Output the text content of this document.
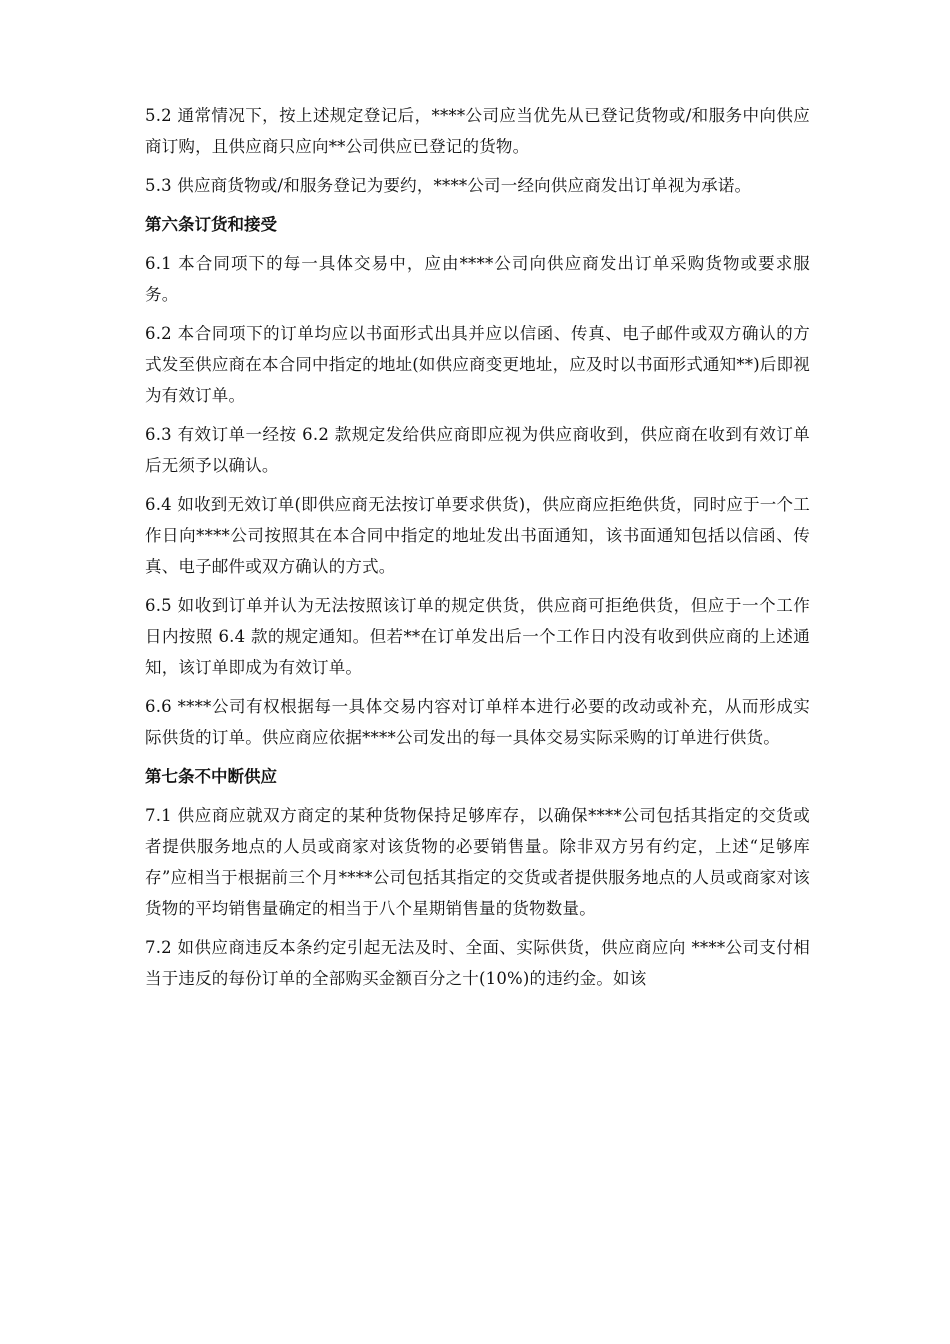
5.2 通常情况下，按上述规定登记后，****公司应当优先从已登记货物或/和服务中向供应商订购，且供应商只应向**公司供应已登记的货物。

5.3 供应商货物或/和服务登记为要约，****公司一经向供应商发出订单视为承诺。

第六条订货和接受

6.1 本合同项下的每一具体交易中，应由****公司向供应商发出订单采购货物或要求服务。

6.2 本合同项下的订单均应以书面形式出具并应以信函、传真、电子邮件或双方确认的方式发至供应商在本合同中指定的地址(如供应商变更地址，应及时以书面形式通知**)后即视为有效订单。

6.3 有效订单一经按 6.2 款规定发给供应商即应视为供应商收到，供应商在收到有效订单后无须予以确认。

6.4 如收到无效订单(即供应商无法按订单要求供货)，供应商应拒绝供货，同时应于一个工作日向****公司按照其在本合同中指定的地址发出书面通知，该书面通知包括以信函、传真、电子邮件或双方确认的方式。

6.5 如收到订单并认为无法按照该订单的规定供货，供应商可拒绝供货，但应于一个工作日内按照 6.4 款的规定通知。但若**在订单发出后一个工作日内没有收到供应商的上述通知，该订单即成为有效订单。

6.6 ****公司有权根据每一具体交易内容对订单样本进行必要的改动或补充，从而形成实际供货的订单。供应商应依据****公司发出的每一具体交易实际采购的订单进行供货。

第七条不中断供应

7.1 供应商应就双方商定的某种货物保持足够库存，以确保****公司包括其指定的交货或者提供服务地点的人员或商家对该货物的必要销售量。除非双方另有约定，上述“足够库存”应相当于根据前三个月****公司包括其指定的交货或者提供服务地点的人员或商家对该货物的平均销售量确定的相当于八个星期销售量的货物数量。

7.2 如供应商违反本条约定引起无法及时、全面、实际供货，供应商应向 ****公司支付相当于违反的每份订单的全部购买金额百分之十(10%)的违约金。如该
